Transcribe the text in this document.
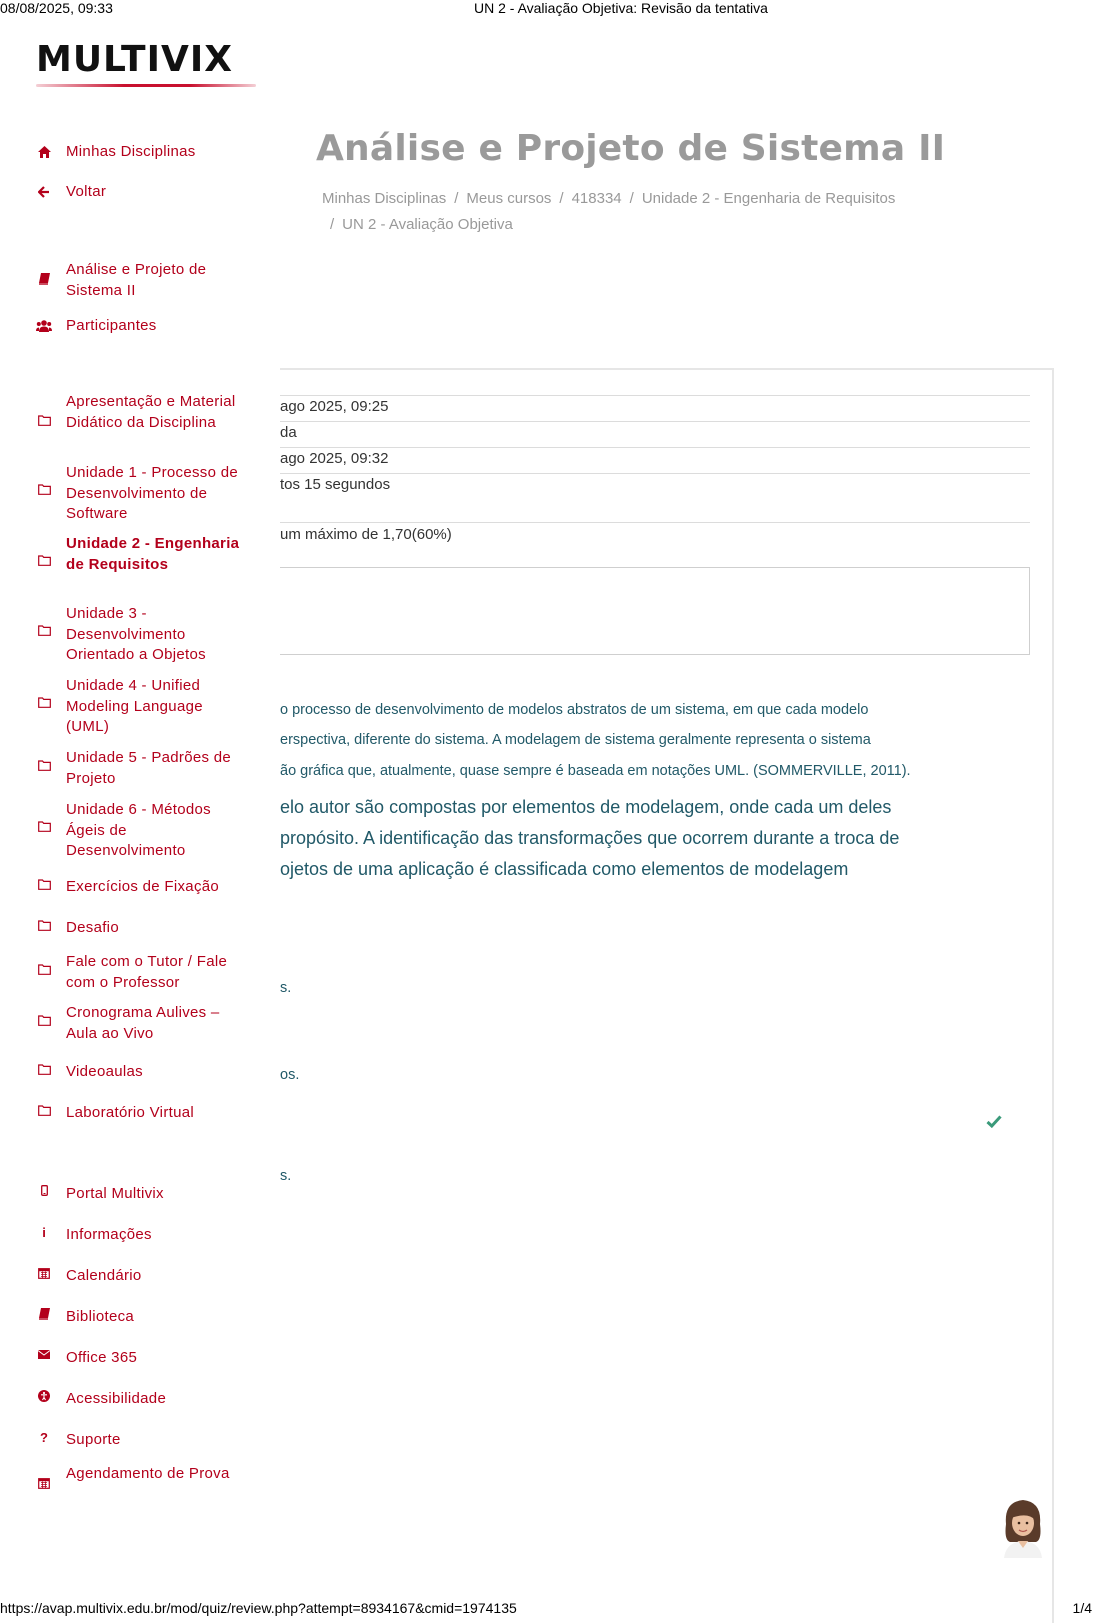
08/08/2025, 09:33	UN 2 - Avaliação Objetiva: Revisão da tentativa
MULTIVIX
Minhas Disciplinas
Voltar
Análise e Projeto de Sistema II
Participantes
Apresentação e Material Didático da Disciplina
Unidade 1 - Processo de Desenvolvimento de Software
Unidade 2 - Engenharia de Requisitos
Unidade 3 - Desenvolvimento Orientado a Objetos
Unidade 4 - Unified Modeling Language (UML)
Unidade 5 - Padrões de Projeto
Unidade 6 - Métodos Ágeis de Desenvolvimento
Exercícios de Fixação
Desafio
Fale com o Tutor / Fale com o Professor
Cronograma Aulives – Aula ao Vivo
Videoaulas
Laboratório Virtual
Portal Multivix
i	Informações
Calendário
Biblioteca
Office 365
Acessibilidade
? Suporte
Agendamento de Prova
Análise e Projeto de Sistema II
Minhas Disciplinas / Meus cursos / 418334 / Unidade 2 - Engenharia de Requisitos
/ UN 2 - Avaliação Objetiva
ago 2025, 09:25
da
ago 2025, 09:32
tos 15 segundos
um máximo de 1,70(60%)
o processo de desenvolvimento de modelos abstratos de um sistema, em que cada modelo
erspectiva, diferente do sistema. A modelagem de sistema geralmente representa o sistema
ão gráfica que, atualmente, quase sempre é baseada em notações UML. (SOMMERVILLE, 2011).
elo autor são compostas por elementos de modelagem, onde cada um deles
propósito. A identificação das transformações que ocorrem durante a troca de
ojetos de uma aplicação é classificada como elementos de modelagem
s.
os.
s.
https://avap.multivix.edu.br/mod/quiz/review.php?attempt=8934167&cmid=1974135	1/4
